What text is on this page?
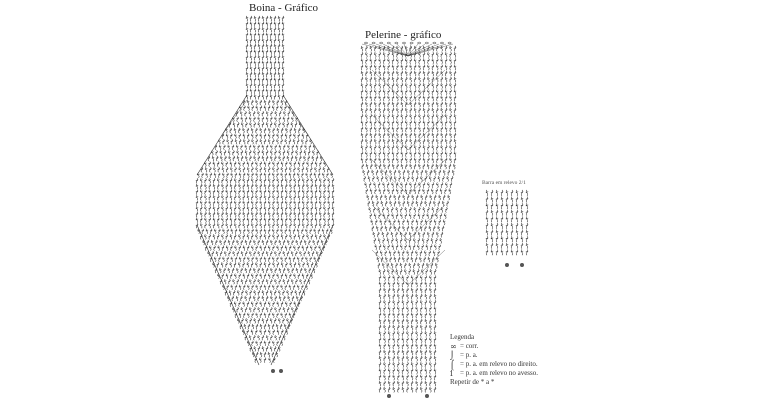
Boina - Gráfico
Pelerine - gráfico
Barra em relevo 2/1
Legenda
∞ = corr.
⌡ = p. a.
⌠ = p. a. em relevo no direito.
ſ	= p. a. em relevo no avesso.
Repetir de * a *
